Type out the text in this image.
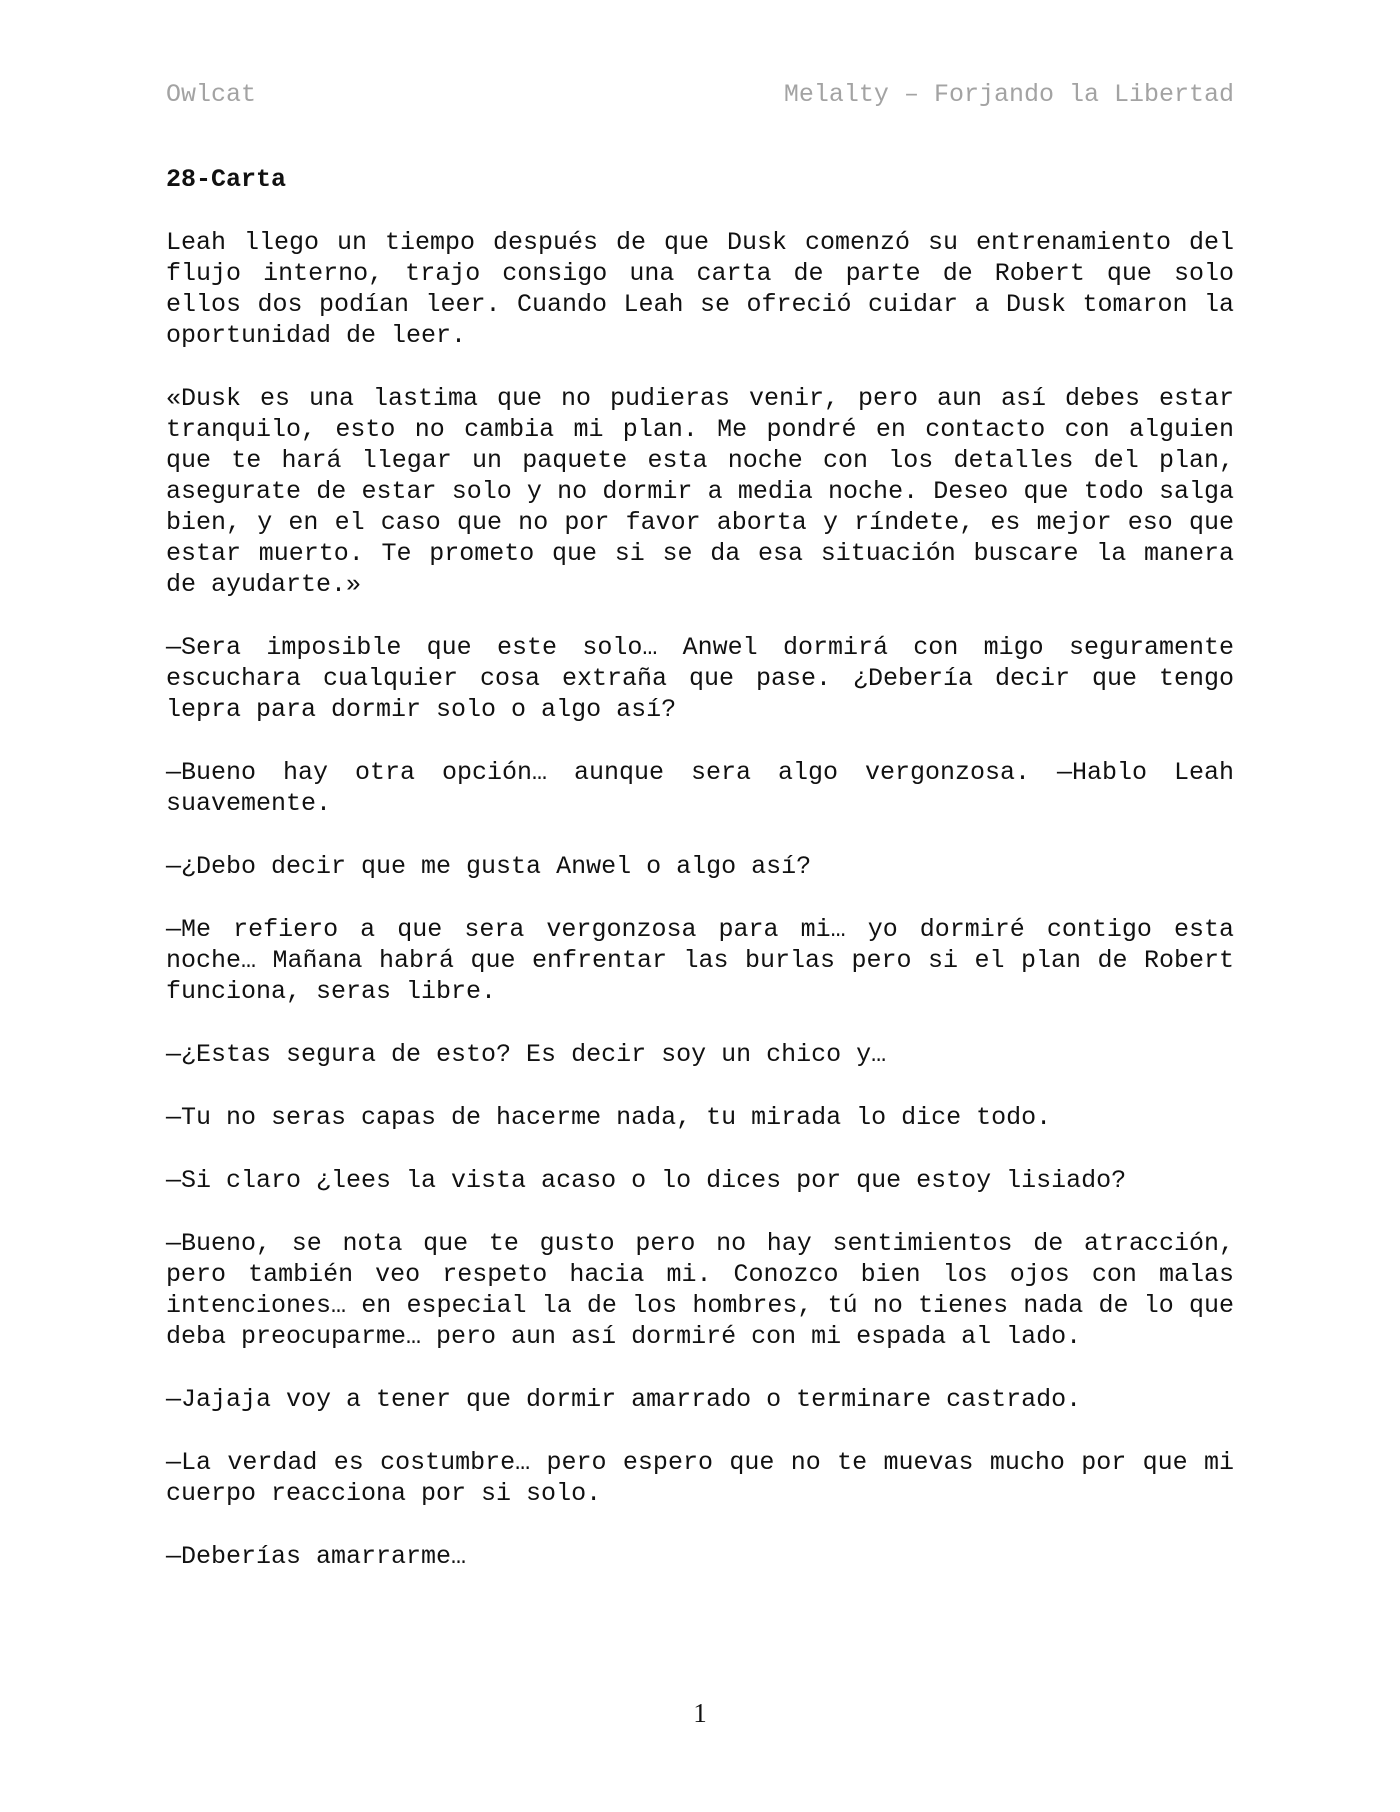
Owlcat	Melalty – Forjando la Libertad
28-Carta

Leah llego un tiempo después de que Dusk comenzó su entrenamiento del flujo interno, trajo consigo una carta de parte de Robert que solo ellos dos podían leer. Cuando Leah se ofreció cuidar a Dusk tomaron la oportunidad de leer.

«Dusk es una lastima que no pudieras venir, pero aun así debes estar tranquilo, esto no cambia mi plan. Me pondré en contacto con alguien que te hará llegar un paquete esta noche con los detalles del plan, asegurate de estar solo y no dormir a media noche. Deseo que todo salga bien, y en el caso que no por favor aborta y ríndete, es mejor eso que estar muerto. Te prometo que si se da esa situación buscare la manera de ayudarte.»

—Sera imposible que este solo… Anwel dormirá con migo seguramente escuchara cualquier cosa extraña que pase. ¿Debería decir que tengo lepra para dormir solo o algo así?

—Bueno hay otra opción… aunque sera algo vergonzosa. —Hablo Leah suavemente.

—¿Debo decir que me gusta Anwel o algo así?

—Me refiero a que sera vergonzosa para mi… yo dormiré contigo esta noche… Mañana habrá que enfrentar las burlas pero si el plan de Robert funciona, seras libre.

—¿Estas segura de esto? Es decir soy un chico y…

—Tu no seras capas de hacerme nada, tu mirada lo dice todo.

—Si claro ¿lees la vista acaso o lo dices por que estoy lisiado?

—Bueno, se nota que te gusto pero no hay sentimientos de atracción, pero también veo respeto hacia mi. Conozco bien los ojos con malas intenciones… en especial la de los hombres, tú no tienes nada de lo que deba preocuparme… pero aun así dormiré con mi espada al lado.

—Jajaja voy a tener que dormir amarrado o terminare castrado.

—La verdad es costumbre… pero espero que no te muevas mucho por que mi cuerpo reacciona por si solo.

—Deberías amarrarme…

1
